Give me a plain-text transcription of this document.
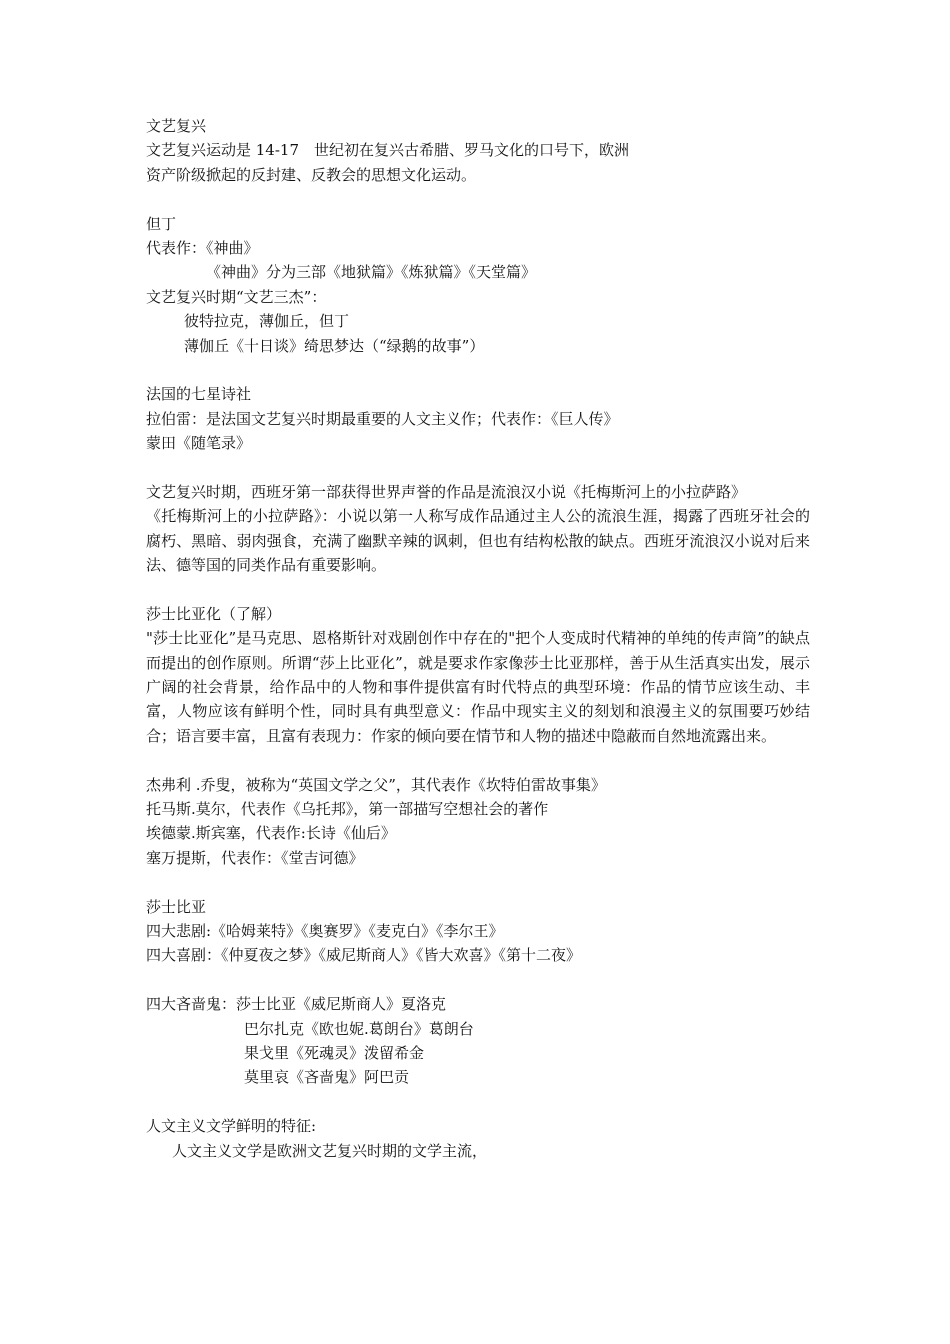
文艺复兴
文艺复兴运动是 14-17　世纪初在复兴古希腊、罗马文化的口号下，欧洲
资产阶级掀起的反封建、反教会的思想文化运动。
但丁
代表作：《神曲》
《神曲》分为三部《地狱篇》《炼狱篇》《天堂篇》
文艺复兴时期“文艺三杰”：
彼特拉克，薄伽丘，但丁
薄伽丘《十日谈》绮思梦达（“绿鹅的故事”）
法国的七星诗社
拉伯雷：是法国文艺复兴时期最重要的人文主义作；代表作：《巨人传》
蒙田《随笔录》
文艺复兴时期，西班牙第一部获得世界声誉的作品是流浪汉小说《托梅斯河上的小拉萨路》
《托梅斯河上的小拉萨路》：小说以第一人称写成作品通过主人公的流浪生涯，揭露了西班牙社会的腐朽、黑暗、弱肉强食，充满了幽默辛辣的讽刺，但也有结构松散的缺点。西班牙流浪汉小说对后来法、德等国的同类作品有重要影响。
莎士比亚化（了解）
"莎士比亚化”是马克思、恩格斯针对戏剧创作中存在的"把个人变成时代精神的单纯的传声筒”的缺点而提出的创作原则。所谓“莎上比亚化”，就是要求作家像莎士比亚那样，善于从生活真实出发，展示广阔的社会背景，给作品中的人物和事件提供富有时代特点的典型环境：作品的情节应该生动、丰富，人物应该有鲜明个性，同时具有典型意义：作品中现实主义的刻划和浪漫主义的氛围要巧妙结合；语言要丰富，且富有表现力：作家的倾向要在情节和人物的描述中隐蔽而自然地流露出来。
杰弗利 .乔叟，被称为“英国文学之父”，其代表作《坎特伯雷故事集》
托马斯.莫尔，代表作《乌托邦》，第一部描写空想社会的著作
埃德蒙.斯宾塞，代表作:长诗《仙后》
塞万提斯，代表作：《堂吉诃德》
莎士比亚
四大悲剧:《哈姆莱特》《奥赛罗》《麦克白》《李尔王》
四大喜剧：《仲夏夜之梦》《威尼斯商人》《皆大欢喜》《第十二夜》
四大吝啬鬼：莎士比亚《威尼斯商人》夏洛克
巴尔扎克《欧也妮.葛朗台》葛朗台
果戈里《死魂灵》泼留希金
莫里哀《吝啬鬼》阿巴贡
人文主义文学鲜明的特征:
人文主义文学是欧洲文艺复兴时期的文学主流，
